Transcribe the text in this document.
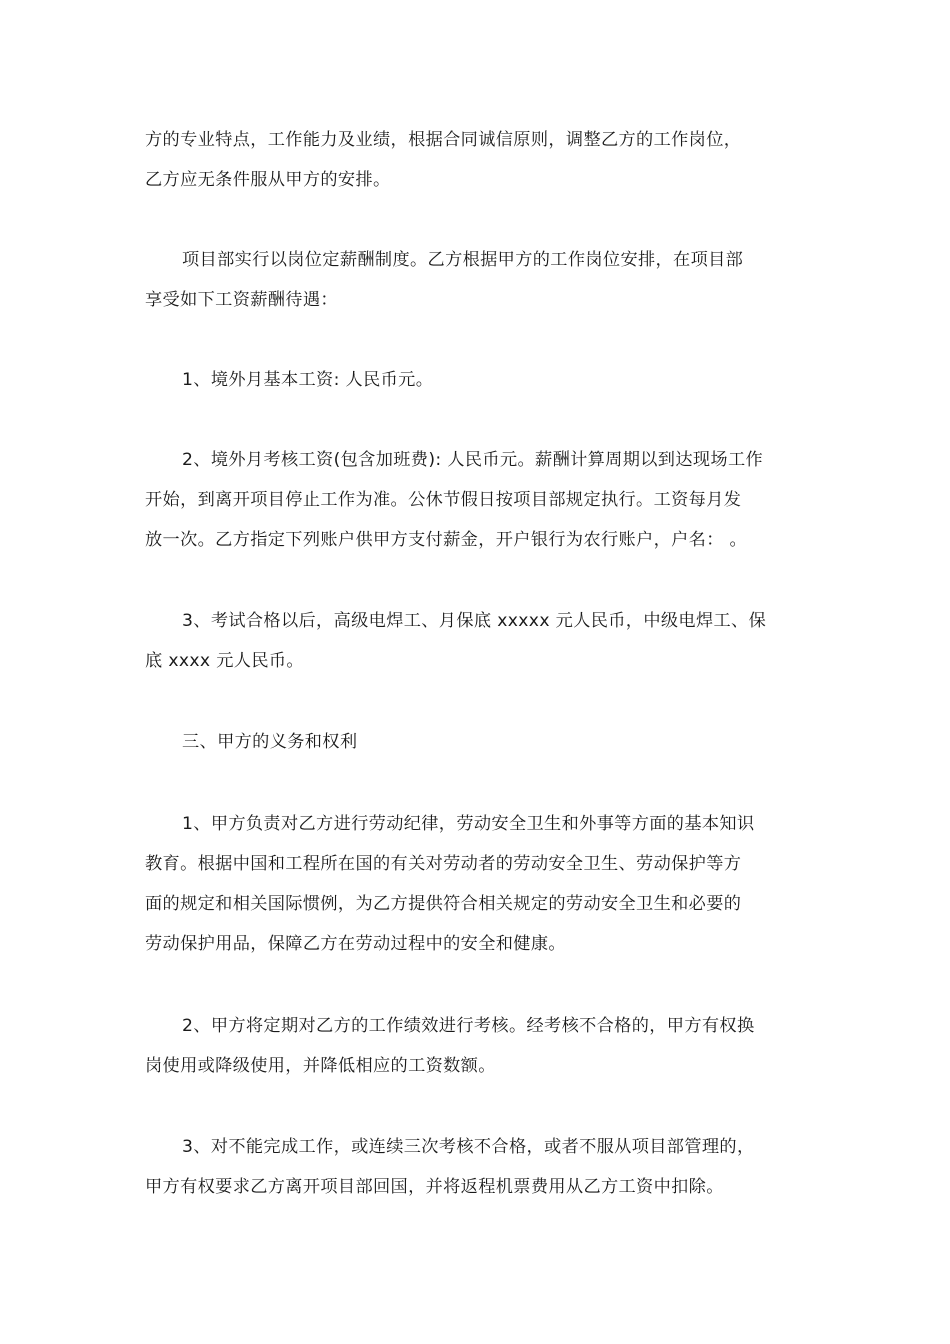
方的专业特点，工作能力及业绩，根据合同诚信原则，调整乙方的工作岗位，
乙方应无条件服从甲方的安排。

项目部实行以岗位定薪酬制度。乙方根据甲方的工作岗位安排，在项目部
享受如下工资薪酬待遇：

1、境外月基本工资: 人民币元。

2、境外月考核工资(包含加班费): 人民币元。薪酬计算周期以到达现场工作
开始，到离开项目停止工作为准。公休节假日按项目部规定执行。工资每月发
放一次。乙方指定下列账户供甲方支付薪金，开户银行为农行账户，户名： 。

3、考试合格以后，高级电焊工、月保底 xxxxx 元人民币，中级电焊工、保
底 xxxx 元人民币。

三、甲方的义务和权利

1、甲方负责对乙方进行劳动纪律，劳动安全卫生和外事等方面的基本知识
教育。根据中国和工程所在国的有关对劳动者的劳动安全卫生、劳动保护等方
面的规定和相关国际惯例，为乙方提供符合相关规定的劳动安全卫生和必要的
劳动保护用品，保障乙方在劳动过程中的安全和健康。

2、甲方将定期对乙方的工作绩效进行考核。经考核不合格的，甲方有权换
岗使用或降级使用，并降低相应的工资数额。

3、对不能完成工作，或连续三次考核不合格，或者不服从项目部管理的，
甲方有权要求乙方离开项目部回国，并将返程机票费用从乙方工资中扣除。
